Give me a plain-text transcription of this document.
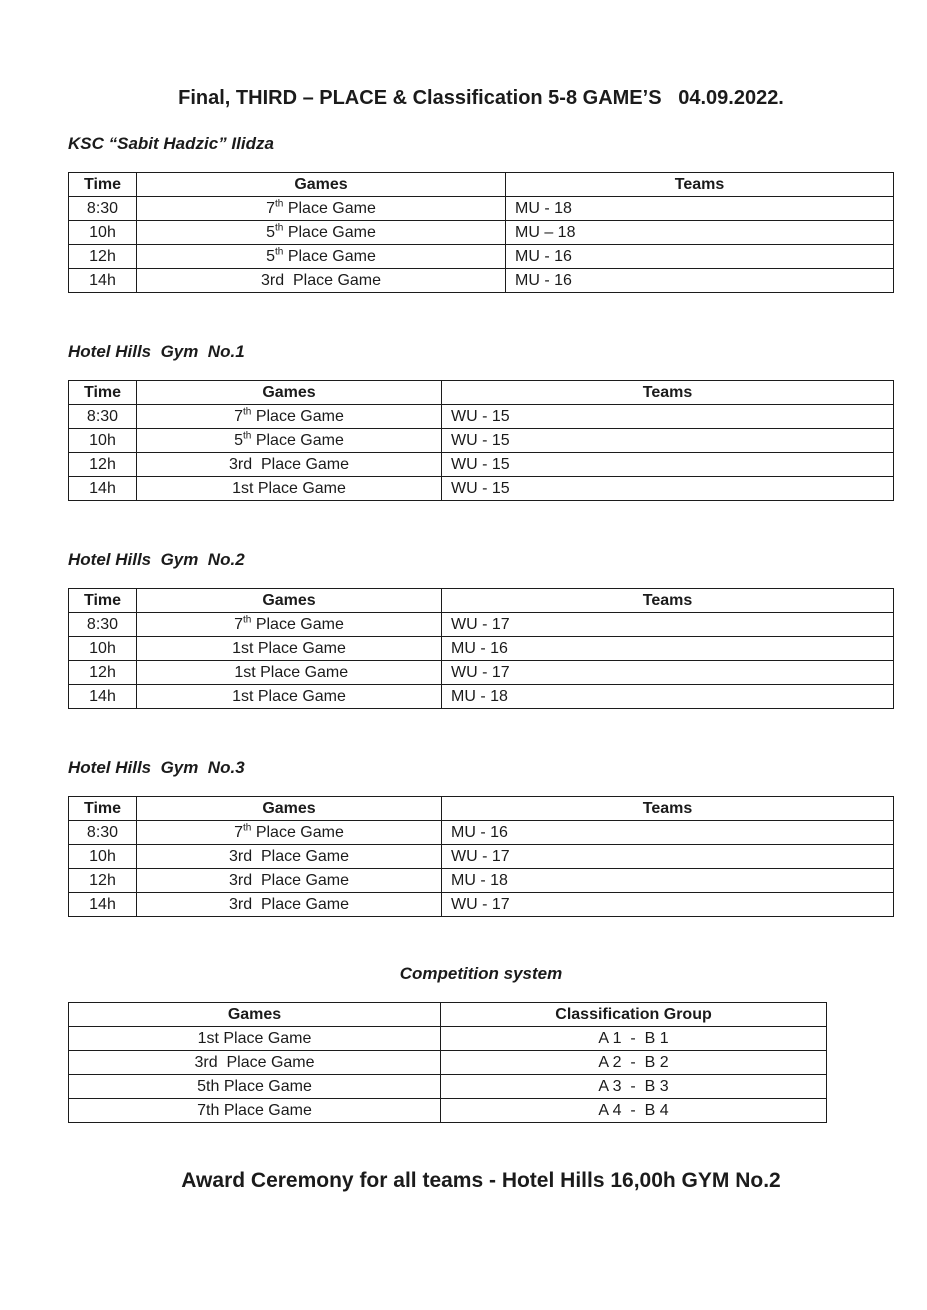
Final, THIRD – PLACE & Classification 5-8 GAME’S   04.09.2022.
KSC “Sabit Hadzic” Ilidza
Time	Games	Teams
8:30	7th Place Game	MU - 18
10h	5th Place Game	MU – 18
12h	5th Place Game	MU - 16
14h	3rd  Place Game	MU - 16
Hotel Hills  Gym  No.1
Time	Games	Teams
8:30	7th Place Game	WU - 15
10h	5th Place Game	WU - 15
12h	3rd  Place Game	WU - 15
14h	1st Place Game	WU - 15
Hotel Hills  Gym  No.2
Time	Games	Teams
8:30	7th Place Game	WU - 17
10h	1st Place Game	MU - 16
12h	1st Place Game	WU - 17
14h	1st Place Game	MU - 18
Hotel Hills  Gym  No.3
Time	Games	Teams
8:30	7th Place Game	MU - 16
10h	3rd  Place Game	WU - 17
12h	3rd  Place Game	MU - 18
14h	3rd  Place Game	WU - 17
Competition system
Games	Classification Group
1st Place Game	A 1  -  B 1
3rd  Place Game	A 2  -  B 2
5th Place Game	A 3  -  B 3
7th Place Game	A 4  -  B 4

Award Ceremony for all teams - Hotel Hills 16,00h GYM No.2
